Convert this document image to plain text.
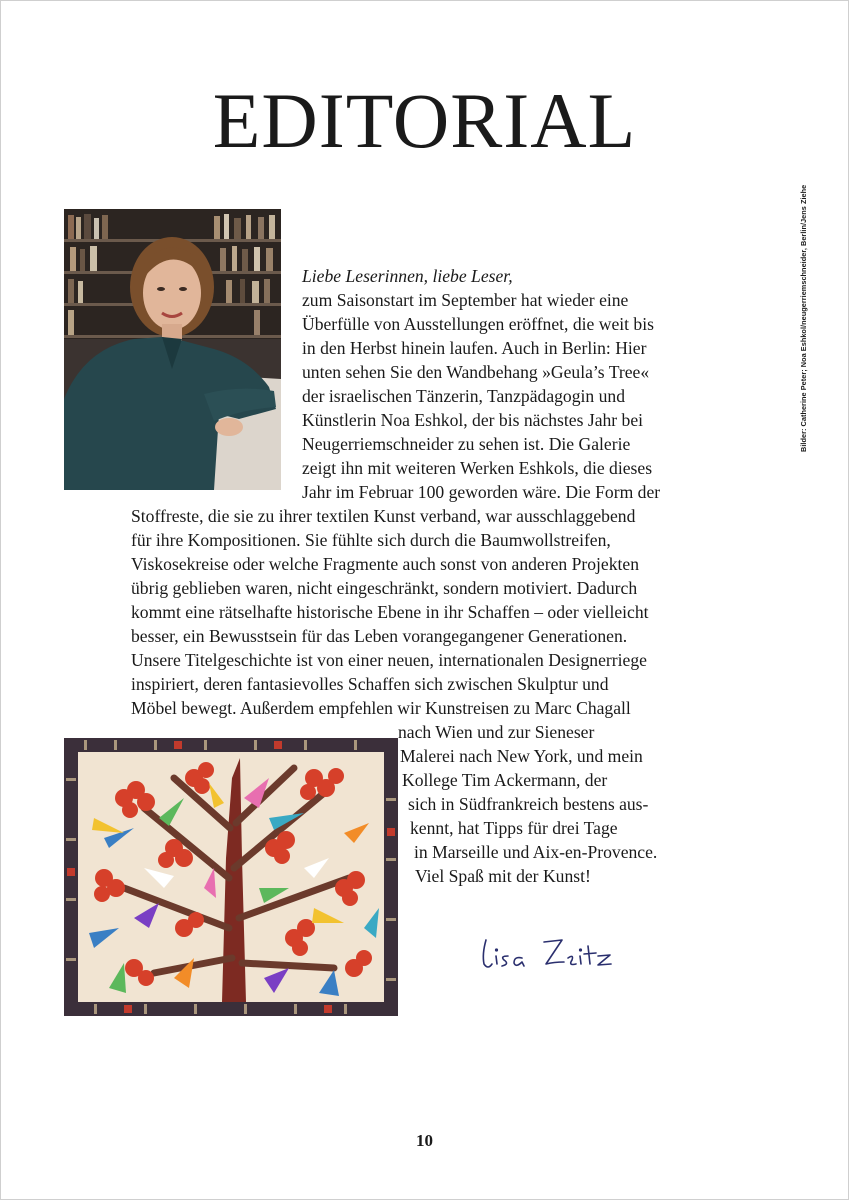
EDITORIAL
Liebe Leserinnen, liebe Leser,
zum Saisonstart im September hat wieder eine
Überfülle von Ausstellungen eröffnet, die weit bis
in den Herbst hinein laufen. Auch in Berlin: Hier
unten sehen Sie den Wandbehang »Geula’s Tree«
der israelischen Tänzerin, Tanzpädagogin und
Künstlerin Noa Eshkol, der bis nächstes Jahr bei
Neugerriemschneider zu sehen ist. Die Galerie
zeigt ihn mit weiteren Werken Eshkols, die dieses
Jahr im Februar 100 geworden wäre. Die Form der
Stoffreste, die sie zu ihrer textilen Kunst verband, war ausschlaggebend
für ihre Kompositionen. Sie fühlte sich durch die Baumwollstreifen,
Viskosekreise oder welche Fragmente auch sonst von anderen Projekten
übrig geblieben waren, nicht eingeschränkt, sondern motiviert. Dadurch
kommt eine rätselhafte historische Ebene in ihr Schaffen – oder vielleicht
besser, ein Bewusstsein für das Leben vorangegangener Generationen.
Unsere Titelgeschichte ist von einer neuen, internationalen Designerriege
inspiriert, deren fantasievolles Schaffen sich zwischen Skulptur und
Möbel bewegt. Außerdem empfehlen wir Kunstreisen zu Marc Chagall
nach Wien und zur Sieneser
Malerei nach New York, und mein
Kollege Tim Ackermann, der
sich in Südfrankreich bestens aus-
kennt, hat Tipps für drei Tage
in Marseille und Aix-en-Provence.
Viel Spaß mit der Kunst!
Bilder: Catherine Peter; Noa Eshkol/neugerriemschneider, Berlin/Jens Ziehe
10
